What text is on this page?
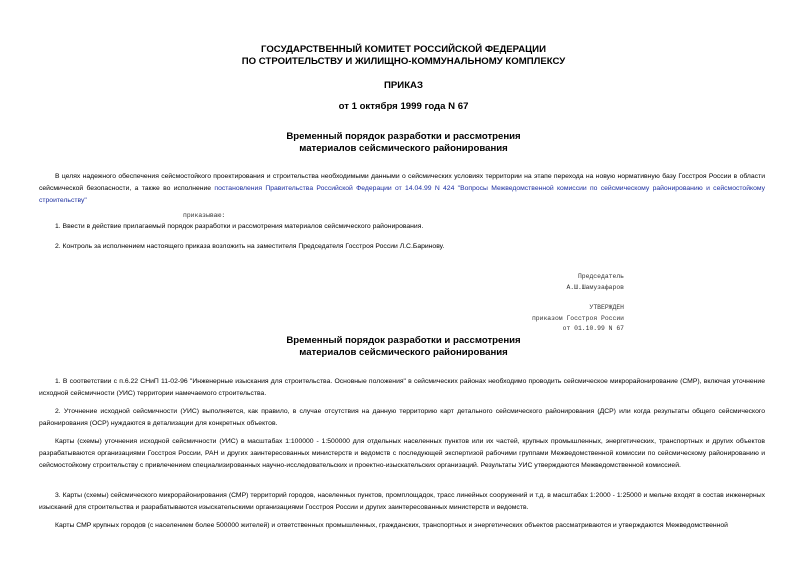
ГОСУДАРСТВЕННЫЙ КОМИТЕТ РОССИЙСКОЙ ФЕДЕРАЦИИ
ПО СТРОИТЕЛЬСТВУ И ЖИЛИЩНО-КОММУНАЛЬНОМУ КОМПЛЕКСУ
ПРИКАЗ
от 1 октября 1999 года N 67
Временный порядок разработки и рассмотрения
материалов сейсмического районирования
В целях надежного обеспечения сейсмостойкого проектирования и строительства необходимыми данными о сейсмических условиях территории на этапе перехода на новую нормативную базу Госстроя России в области сейсмической безопасности, а также во исполнение постановления Правительства Российской Федерации от 14.04.99 N 424 "Вопросы Межведомственной комиссии по сейсмическому районированию и сейсмостойкому строительству"
приказываю:
1. Ввести в действие прилагаемый порядок разработки и рассмотрения материалов сейсмического районирования.
2. Контроль за исполнением настоящего приказа возложить на заместителя Председателя Госстроя России Л.С.Баринову.
Председатель
А.Ш.Шамузафаров
УТВЕРЖДЕН
приказом Госстроя России
от 01.10.99 N 67
Временный порядок разработки и рассмотрения
материалов сейсмического районирования
1. В соответствии с п.6.22 СНиП 11-02-96 "Инженерные изыскания для строительства. Основные положения" в сейсмических районах необходимо проводить сейсмическое микрорайонирование (СМР), включая уточнение исходной сейсмичности (УИС) территории намечаемого строительства.
2. Уточнение исходной сейсмичности (УИС) выполняется, как правило, в случае отсутствия на данную территорию карт детального сейсмического районирования (ДСР) или когда результаты общего сейсмического районирования (ОСР) нуждаются в детализации для конкретных объектов.
Карты (схемы) уточнения исходной сейсмичности (УИС) в масштабах 1:100000 - 1:500000 для отдельных населенных пунктов или их частей, крупных промышленных, энергетических, транспортных и других объектов разрабатываются организациями Госстроя России, РАН и других заинтересованных министерств и ведомств с последующей экспертизой рабочими группами Межведомственной комиссии по сейсмическому районированию и сейсмостойкому строительству с привлечением специализированных научно-исследовательских и проектно-изыскательских организаций. Результаты УИС утверждаются Межведомственной комиссией.
3. Карты (схемы) сейсмического микрорайонирования (СМР) территорий городов, населенных пунктов, промплощадок, трасс линейных сооружений и т.д. в масштабах 1:2000 - 1:25000 и мельче входят в состав инженерных изысканий для строительства и разрабатываются изыскательскими организациями Госстроя России и других заинтересованных министерств и ведомств.
Карты СМР крупных городов (с населением более 500000 жителей) и ответственных промышленных, гражданских, транспортных и энергетических объектов рассматриваются и утверждаются Межведомственной
